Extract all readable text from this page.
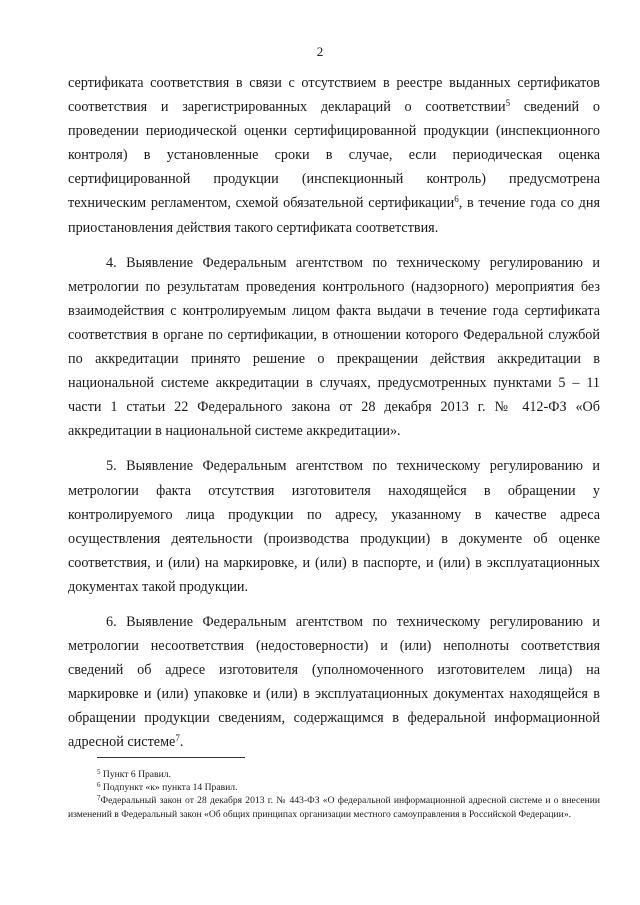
2

сертификата соответствия в связи с отсутствием в реестре выданных сертификатов соответствия и зарегистрированных деклараций о соответствии$^5$ сведений о проведении периодической оценки сертифицированной продукции (инспекционного контроля) в установленные сроки в случае, если периодическая оценка сертифицированной продукции (инспекционный контроль) предусмотрена техническим регламентом, схемой обязательной сертификации$^6$, в течение года со дня приостановления действия такого сертификата соответствия.

4. Выявление Федеральным агентством по техническому регулированию и метрологии по результатам проведения контрольного (надзорного) мероприятия без взаимодействия с контролируемым лицом факта выдачи в течение года сертификата соответствия в органе по сертификации, в отношении которого Федеральной службой по аккредитации принято решение о прекращении действия аккредитации в национальной системе аккредитации в случаях, предусмотренных пунктами 5 – 11 части 1 статьи 22 Федерального закона от 28 декабря 2013 г. № 412-ФЗ «Об аккредитации в национальной системе аккредитации».

5. Выявление Федеральным агентством по техническому регулированию и метрологии факта отсутствия изготовителя находящейся в обращении у контролируемого лица продукции по адресу, указанному в качестве адреса осуществления деятельности (производства продукции) в документе об оценке соответствия, и (или) на маркировке, и (или) в паспорте, и (или) в эксплуатационных документах такой продукции.

6. Выявление Федеральным агентством по техническому регулированию и метрологии несоответствия (недостоверности) и (или) неполноты соответствия сведений об адресе изготовителя (уполномоченного изготовителем лица) на маркировке и (или) упаковке и (или) в эксплуатационных документах находящейся в обращении продукции сведениям, содержащимся в федеральной информационной адресной системе$^7$.

$^5$ Пункт 6 Правил.

$^6$ Подпункт «к» пункта 14 Правил.

$^7$Федеральный закон от 28 декабря 2013 г. № 443-ФЗ «О федеральной информационной адресной системе и о внесении изменений в Федеральный закон «Об общих принципах организации местного самоуправления в Российской Федерации».
